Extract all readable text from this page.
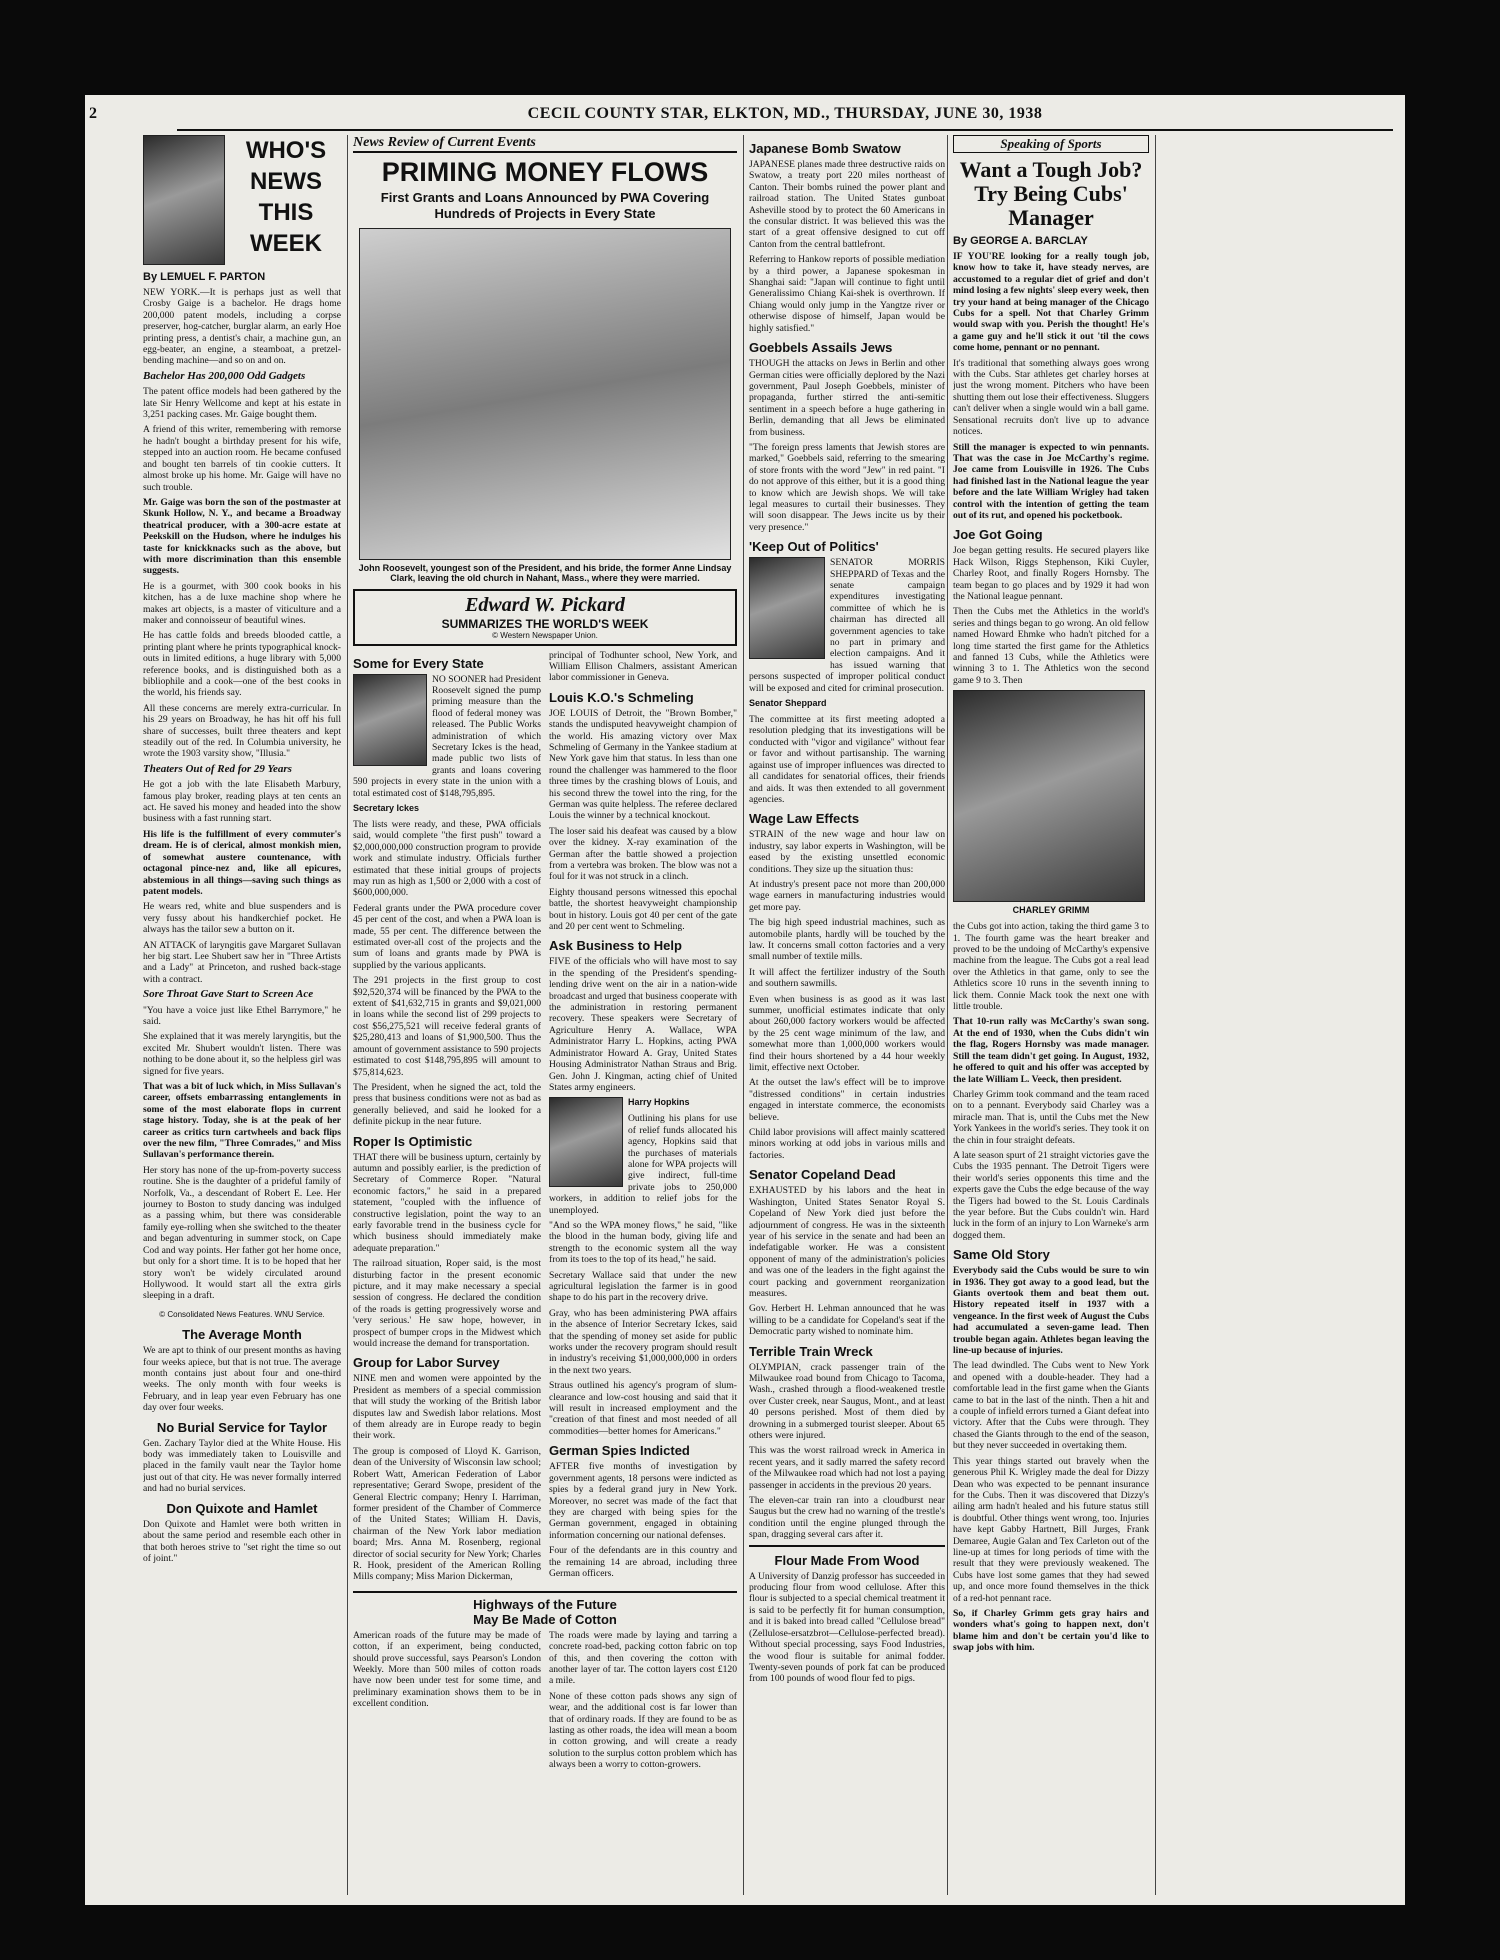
2	CECIL COUNTY STAR, ELKTON, MD., THURSDAY, JUNE 30, 1938
WHO'S
NEWS
THIS
WEEK
By LEMUEL F. PARTON

NEW YORK.—It is perhaps just as well that Crosby Gaige is a bachelor. He drags home 200,000 patent models, including a corpse preserver, hog-catcher, burglar alarm, an early Hoe printing press, a dentist's chair, a machine gun, an egg-beater, an engine, a steamboat, a pretzel-bending machine—and so on and on.

Bachelor Has 200,000 Odd Gadgets

The patent office models had been gathered by the late Sir Henry Wellcome and kept at his estate in 3,251 packing cases. Mr. Gaige bought them.

A friend of this writer, remembering with remorse he hadn't bought a birthday present for his wife, stepped into an auction room. He became confused and bought ten barrels of tin cookie cutters. It almost broke up his home. Mr. Gaige will have no such trouble.

Mr. Gaige was born the son of the postmaster at Skunk Hollow, N. Y., and became a Broadway theatrical producer, with a 300-acre estate at Peekskill on the Hudson, where he indulges his taste for knickknacks such as the above, but with more discrimination than this ensemble suggests.

He is a gourmet, with 300 cook books in his kitchen, has a de luxe machine shop where he makes art objects, is a master of viticulture and a maker and connoisseur of beautiful wines.

He has cattle folds and breeds blooded cattle, a printing plant where he prints typographical knock-outs in limited editions, a huge library with 5,000 reference books, and is distinguished both as a bibliophile and a cook—one of the best cooks in the world, his friends say.

All these concerns are merely extra-curricular. In his 29 years on Broadway, he has hit off his full share of successes, built three theaters and kept steadily out of the red. In Columbia university, he wrote the 1903 varsity show, "Illusia."

Theaters Out of Red for 29 Years

He got a job with the late Elisabeth Marbury, famous play broker, reading plays at ten cents an act. He saved his money and headed into the show business with a fast running start.

His life is the fulfillment of every commuter's dream. He is of clerical, almost monkish mien, of somewhat austere countenance, with octagonal pince-nez and, like all epicures, abstemious in all things—saving such things as patent models.

He wears red, white and blue suspenders and is very fussy about his handkerchief pocket. He always has the tailor sew a button on it.

AN ATTACK of laryngitis gave Margaret Sullavan her big start. Lee Shubert saw her in "Three Artists and a Lady" at Princeton, and rushed back-stage with a contract.

Sore Throat Gave Start to Screen Ace

"You have a voice just like Ethel Barrymore," he said.

She explained that it was merely laryngitis, but the excited Mr. Shubert wouldn't listen. There was nothing to be done about it, so the helpless girl was signed for five years.

That was a bit of luck which, in Miss Sullavan's career, offsets embarrassing entanglements in some of the most elaborate flops in current stage history. Today, she is at the peak of her career as critics turn cartwheels and back flips over the new film, "Three Comrades," and Miss Sullavan's performance therein.

Her story has none of the up-from-poverty success routine. She is the daughter of a prideful family of Norfolk, Va., a descendant of Robert E. Lee. Her journey to Boston to study dancing was indulged as a passing whim, but there was considerable family eye-rolling when she switched to the theater and began adventuring in summer stock, on Cape Cod and way points. Her father got her home once, but only for a short time. It is to be hoped that her story won't be widely circulated around Hollywood. It would start all the extra girls sleeping in a draft.

© Consolidated News Features. WNU Service.

The Average Month

We are apt to think of our present months as having four weeks apiece, but that is not true. The average month contains just about four and one-third weeks. The only month with four weeks is February, and in leap year even February has one day over four weeks.

No Burial Service for Taylor

Gen. Zachary Taylor died at the White House. His body was immediately taken to Louisville and placed in the family vault near the Taylor home just out of that city. He was never formally interred and had no burial services.

Don Quixote and Hamlet

Don Quixote and Hamlet were both written in about the same period and resemble each other in that both heroes strive to "set right the time so out of joint."

News Review of Current Events
PRIMING MONEY FLOWS
First Grants and Loans Announced by PWA Covering Hundreds of Projects in Every State
John Roosevelt, youngest son of the President, and his bride, the former Anne Lindsay Clark, leaving the old church in Nahant, Mass., where they were married.
Edward W. Pickard
SUMMARIZES THE WORLD'S WEEK
© Western Newspaper Union.
Some for Every State

NO SOONER had President Roosevelt signed the pump priming measure than the flood of federal money was released. The Public Works administration of which Secretary Ickes is the head, made public two lists of grants and loans covering 590 projects in every state in the union with a total estimated cost of $148,795,895.

Secretary Ickes

The lists were ready, and these, PWA officials said, would complete "the first push" toward a $2,000,000,000 construction program to provide work and stimulate industry. Officials further estimated that these initial groups of projects may run as high as 1,500 or 2,000 with a cost of $600,000,000.

Federal grants under the PWA procedure cover 45 per cent of the cost, and when a PWA loan is made, 55 per cent. The difference between the estimated over-all cost of the projects and the sum of loans and grants made by PWA is supplied by the various applicants.

The 291 projects in the first group to cost $92,520,374 will be financed by the PWA to the extent of $41,632,715 in grants and $9,021,000 in loans while the second list of 299 projects to cost $56,275,521 will receive federal grants of $25,280,413 and loans of $1,900,500. Thus the amount of government assistance to 590 projects estimated to cost $148,795,895 will amount to $75,814,623.

The President, when he signed the act, told the press that business conditions were not as bad as generally believed, and said he looked for a definite pickup in the near future.

Roper Is Optimistic

THAT there will be business upturn, certainly by autumn and possibly earlier, is the prediction of Secretary of Commerce Roper. "Natural economic factors," he said in a prepared statement, "coupled with the influence of constructive legislation, point the way to an early favorable trend in the business cycle for which business should immediately make adequate preparation."

The railroad situation, Roper said, is the most disturbing factor in the present economic picture, and it may make necessary a special session of congress. He declared the condition of the roads is getting progressively worse and 'very serious.' He saw hope, however, in prospect of bumper crops in the Midwest which would increase the demand for transportation.

Group for Labor Survey

NINE men and women were appointed by the President as members of a special commission that will study the working of the British labor disputes law and Swedish labor relations. Most of them already are in Europe ready to begin their work.

The group is composed of Lloyd K. Garrison, dean of the University of Wisconsin law school; Robert Watt, American Federation of Labor representative; Gerard Swope, president of the General Electric company; Henry I. Harriman, former president of the Chamber of Commerce of the United States; William H. Davis, chairman of the New York labor mediation board; Mrs. Anna M. Rosenberg, regional director of social security for New York; Charles R. Hook, president of the American Rolling Mills company; Miss Marion Dickerman,

principal of Todhunter school, New York, and William Ellison Chalmers, assistant American labor commissioner in Geneva.

Louis K.O.'s Schmeling

JOE LOUIS of Detroit, the "Brown Bomber," stands the undisputed heavyweight champion of the world. His amazing victory over Max Schmeling of Germany in the Yankee stadium at New York gave him that status. In less than one round the challenger was hammered to the floor three times by the crashing blows of Louis, and his second threw the towel into the ring, for the German was quite helpless. The referee declared Louis the winner by a technical knockout.

The loser said his deafeat was caused by a blow over the kidney. X-ray examination of the German after the battle showed a projection from a vertebra was broken. The blow was not a foul for it was not struck in a clinch.

Eighty thousand persons witnessed this epochal battle, the shortest heavyweight championship bout in history. Louis got 40 per cent of the gate and 20 per cent went to Schmeling.

Ask Business to Help

FIVE of the officials who will have most to say in the spending of the President's spending-lending drive went on the air in a nation-wide broadcast and urged that business cooperate with the administration in restoring permanent recovery. These speakers were Secretary of Agriculture Henry A. Wallace, WPA Administrator Harry L. Hopkins, acting PWA Administrator Howard A. Gray, United States Housing Administrator Nathan Straus and Brig. Gen. John J. Kingman, acting chief of United States army engineers.

Harry Hopkins

Outlining his plans for use of relief funds allocated his agency, Hopkins said that the purchases of materials alone for WPA projects will give indirect, full-time private jobs to 250,000 workers, in addition to relief jobs for the unemployed.

"And so the WPA money flows," he said, "like the blood in the human body, giving life and strength to the economic system all the way from its toes to the top of its head," he said.

Secretary Wallace said that under the new agricultural legislation the farmer is in good shape to do his part in the recovery drive.

Gray, who has been administering PWA affairs in the absence of Interior Secretary Ickes, said that the spending of money set aside for public works under the recovery program should result in industry's receiving $1,000,000,000 in orders in the next two years.

Straus outlined his agency's program of slum-clearance and low-cost housing and said that it will result in increased employment and the "creation of that finest and most needed of all commodities—better homes for Americans."

German Spies Indicted

AFTER five months of investigation by government agents, 18 persons were indicted as spies by a federal grand jury in New York. Moreover, no secret was made of the fact that they are charged with being spies for the German government, engaged in obtaining information concerning our national defenses.

Four of the defendants are in this country and the remaining 14 are abroad, including three German officers.

Highways of the Future
May Be Made of Cotton

American roads of the future may be made of cotton, if an experiment, being conducted, should prove successful, says Pearson's London Weekly. More than 500 miles of cotton roads have now been under test for some time, and preliminary examination shows them to be in excellent condition.

The roads were made by laying and tarring a concrete road-bed, packing cotton fabric on top of this, and then covering the cotton with another layer of tar. The cotton layers cost £120 a mile.

None of these cotton pads shows any sign of wear, and the additional cost is far lower than that of ordinary roads. If they are found to be as lasting as other roads, the idea will mean a boom in cotton growing, and will create a ready solution to the surplus cotton problem which has always been a worry to cotton-growers.

Japanese Bomb Swatow

JAPANESE planes made three destructive raids on Swatow, a treaty port 220 miles northeast of Canton. Their bombs ruined the power plant and railroad station. The United States gunboat Asheville stood by to protect the 60 Americans in the consular district. It was believed this was the start of a great offensive designed to cut off Canton from the central battlefront.

Referring to Hankow reports of possible mediation by a third power, a Japanese spokesman in Shanghai said: "Japan will continue to fight until Generalissimo Chiang Kai-shek is overthrown. If Chiang would only jump in the Yangtze river or otherwise dispose of himself, Japan would be highly satisfied."

Goebbels Assails Jews

THOUGH the attacks on Jews in Berlin and other German cities were officially deplored by the Nazi government, Paul Joseph Goebbels, minister of propaganda, further stirred the anti-semitic sentiment in a speech before a huge gathering in Berlin, demanding that all Jews be eliminated from business.

"The foreign press laments that Jewish stores are marked," Goebbels said, referring to the smearing of store fronts with the word "Jew" in red paint. "I do not approve of this either, but it is a good thing to know which are Jewish shops. We will take legal measures to curtail their businesses. They will soon disappear. The Jews incite us by their very presence."

'Keep Out of Politics'

SENATOR MORRIS SHEPPARD of Texas and the senate campaign expenditures investigating committee of which he is chairman has directed all government agencies to take no part in primary and election campaigns. And it has issued warning that persons suspected of improper political conduct will be exposed and cited for criminal prosecution.

Senator Sheppard

The committee at its first meeting adopted a resolution pledging that its investigations will be conducted with "vigor and vigilance" without fear or favor and without partisanship. The warning against use of improper influences was directed to all candidates for senatorial offices, their friends and aids. It was then extended to all government agencies.

Wage Law Effects

STRAIN of the new wage and hour law on industry, say labor experts in Washington, will be eased by the existing unsettled economic conditions. They size up the situation thus:

At industry's present pace not more than 200,000 wage earners in manufacturing industries would get more pay.

The big high speed industrial machines, such as automobile plants, hardly will be touched by the law. It concerns small cotton factories and a very small number of textile mills.

It will affect the fertilizer industry of the South and southern sawmills.

Even when business is as good as it was last summer, unofficial estimates indicate that only about 260,000 factory workers would be affected by the 25 cent wage minimum of the law, and somewhat more than 1,000,000 workers would find their hours shortened by a 44 hour weekly limit, effective next October.

At the outset the law's effect will be to improve "distressed conditions" in certain industries engaged in interstate commerce, the economists believe.

Child labor provisions will affect mainly scattered minors working at odd jobs in various mills and factories.

Senator Copeland Dead

EXHAUSTED by his labors and the heat in Washington, United States Senator Royal S. Copeland of New York died just before the adjournment of congress. He was in the sixteenth year of his service in the senate and had been an indefatigable worker. He was a consistent opponent of many of the administration's policies and was one of the leaders in the fight against the court packing and government reorganization measures.

Gov. Herbert H. Lehman announced that he was willing to be a candidate for Copeland's seat if the Democratic party wished to nominate him.

Terrible Train Wreck

OLYMPIAN, crack passenger train of the Milwaukee road bound from Chicago to Tacoma, Wash., crashed through a flood-weakened trestle over Custer creek, near Saugus, Mont., and at least 40 persons perished. Most of them died by drowning in a submerged tourist sleeper. About 65 others were injured.

This was the worst railroad wreck in America in recent years, and it sadly marred the safety record of the Milwaukee road which had not lost a paying passenger in accidents in the previous 20 years.

The eleven-car train ran into a cloudburst near Saugus but the crew had no warning of the trestle's condition until the engine plunged through the span, dragging several cars after it.

Flour Made From Wood

A University of Danzig professor has succeeded in producing flour from wood cellulose. After this flour is subjected to a special chemical treatment it is said to be perfectly fit for human consumption, and it is baked into bread called "Cellulose bread" (Zellulose-ersatzbrot—Cellulose-perfected bread). Without special processing, says Food Industries, the wood flour is suitable for animal fodder. Twenty-seven pounds of pork fat can be produced from 100 pounds of wood flour fed to pigs.

Speaking of Sports
Want a Tough Job? Try Being Cubs' Manager
By GEORGE A. BARCLAY

IF YOU'RE looking for a really tough job, know how to take it, have steady nerves, are accustomed to a regular diet of grief and don't mind losing a few nights' sleep every week, then try your hand at being manager of the Chicago Cubs for a spell. Not that Charley Grimm would swap with you. Perish the thought! He's a game guy and he'll stick it out 'til the cows come home, pennant or no pennant.

It's traditional that something always goes wrong with the Cubs. Star athletes get charley horses at just the wrong moment. Pitchers who have been shutting them out lose their effectiveness. Sluggers can't deliver when a single would win a ball game. Sensational recruits don't live up to advance notices.

Still the manager is expected to win pennants. That was the case in Joe McCarthy's regime. Joe came from Louisville in 1926. The Cubs had finished last in the National league the year before and the late William Wrigley had taken control with the intention of getting the team out of its rut, and opened his pocketbook.

Joe Got Going

Joe began getting results. He secured players like Hack Wilson, Riggs Stephenson, Kiki Cuyler, Charley Root, and finally Rogers Hornsby. The team began to go places and by 1929 it had won the National league pennant.

Then the Cubs met the Athletics in the world's series and things began to go wrong. An old fellow named Howard Ehmke who hadn't pitched for a long time started the first game for the Athletics and fanned 13 Cubs, while the Athletics were winning 3 to 1. The Athletics won the second game 9 to 3. Then

CHARLEY GRIMM

the Cubs got into action, taking the third game 3 to 1. The fourth game was the heart breaker and proved to be the undoing of McCarthy's expensive machine from the league. The Cubs got a real lead over the Athletics in that game, only to see the Athletics score 10 runs in the seventh inning to lick them. Connie Mack took the next one with little trouble.

That 10-run rally was McCarthy's swan song. At the end of 1930, when the Cubs didn't win the flag, Rogers Hornsby was made manager. Still the team didn't get going. In August, 1932, he offered to quit and his offer was accepted by the late William L. Veeck, then president.

Charley Grimm took command and the team raced on to a pennant. Everybody said Charley was a miracle man. That is, until the Cubs met the New York Yankees in the world's series. They took it on the chin in four straight defeats.

A late season spurt of 21 straight victories gave the Cubs the 1935 pennant. The Detroit Tigers were their world's series opponents this time and the experts gave the Cubs the edge because of the way the Tigers had bowed to the St. Louis Cardinals the year before. But the Cubs couldn't win. Hard luck in the form of an injury to Lon Warneke's arm dogged them.

Same Old Story

Everybody said the Cubs would be sure to win in 1936. They got away to a good lead, but the Giants overtook them and beat them out. History repeated itself in 1937 with a vengeance. In the first week of August the Cubs had accumulated a seven-game lead. Then trouble began again. Athletes began leaving the line-up because of injuries.

The lead dwindled. The Cubs went to New York and opened with a double-header. They had a comfortable lead in the first game when the Giants came to bat in the last of the ninth. Then a hit and a couple of infield errors turned a Giant defeat into victory. After that the Cubs were through. They chased the Giants through to the end of the season, but they never succeeded in overtaking them.

This year things started out bravely when the generous Phil K. Wrigley made the deal for Dizzy Dean who was expected to be pennant insurance for the Cubs. Then it was discovered that Dizzy's ailing arm hadn't healed and his future status still is doubtful. Other things went wrong, too. Injuries have kept Gabby Hartnett, Bill Jurges, Frank Demaree, Augie Galan and Tex Carleton out of the line-up at times for long periods of time with the result that they were previously weakened. The Cubs have lost some games that they had sewed up, and once more found themselves in the thick of a red-hot pennant race.

So, if Charley Grimm gets gray hairs and wonders what's going to happen next, don't blame him and don't be certain you'd like to swap jobs with him.
